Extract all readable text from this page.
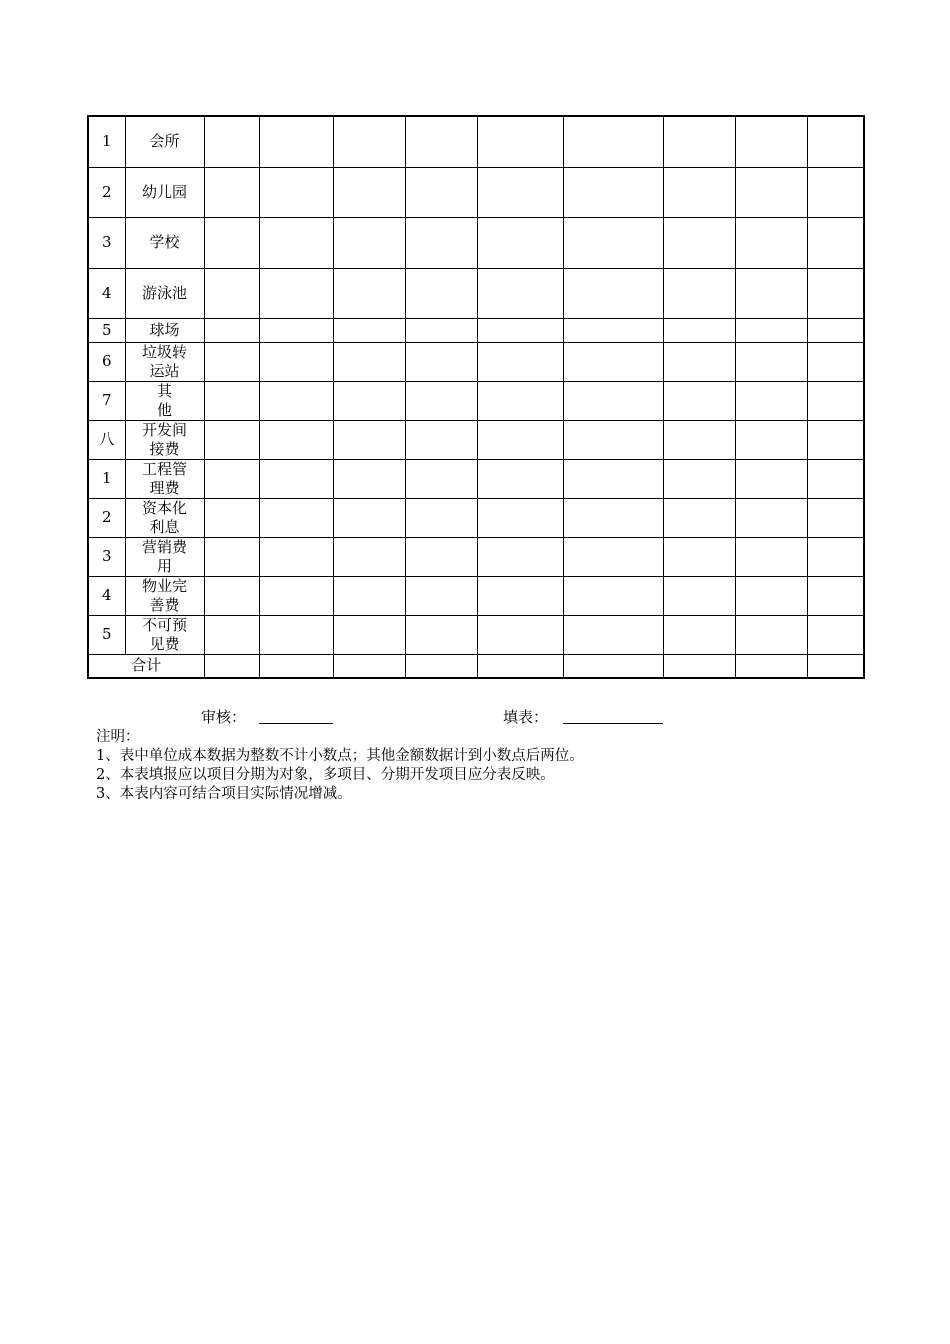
1	会所									
2	幼儿园									
3	学校									
4	游泳池									
5	球场									
6	垃圾转运站									
7	其他									
八	开发间接费									
1	工程管理费									
2	资本化利息									
3	营销费用									
4	物业完善费									
5	不可预见费									
合计										
审核：	填表：
注明：
1、表中单位成本数据为整数不计小数点；其他金额数据计到小数点后两位。
2、本表填报应以项目分期为对象，多项目、分期开发项目应分表反映。
3、本表内容可结合项目实际情况增减。
